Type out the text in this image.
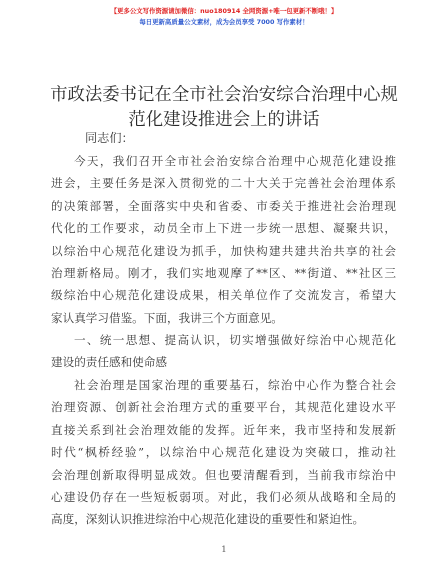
【更多公文写作资源请加微信：nuo180914 全网资源+唯一包更新不断哦！】
每日更新高质量公文素材，成为会员享受 7000 写作素材！
市政法委书记在全市社会治安综合治理中心规
范化建设推进会上的讲话
同志们：
今天，我们召开全市社会治安综合治理中心规范化建设推
进会，主要任务是深入贯彻党的二十大关于完善社会治理体系
的决策部署，全面落实中央和省委、市委关于推进社会治理现
代化的工作要求，动员全市上下进一步统一思想、凝聚共识，
以综治中心规范化建设为抓手，加快构建共建共治共享的社会
治理新格局。刚才，我们实地观摩了**区、**街道、**社区三
级综治中心规范化建设成果，相关单位作了交流发言，希望大
家认真学习借鉴。下面，我讲三个方面意见。
一、统一思想、提高认识，切实增强做好综治中心规范化
建设的责任感和使命感
社会治理是国家治理的重要基石，综治中心作为整合社会
治理资源、创新社会治理方式的重要平台，其规范化建设水平
直接关系到社会治理效能的发挥。近年来，我市坚持和发展新
时代“枫桥经验”，以综治中心规范化建设为突破口，推动社
会治理创新取得明显成效。但也要清醒看到，当前我市综治中
心建设仍存在一些短板弱项。对此，我们必须从战略和全局的
高度，深刻认识推进综治中心规范化建设的重要性和紧迫性。
1
